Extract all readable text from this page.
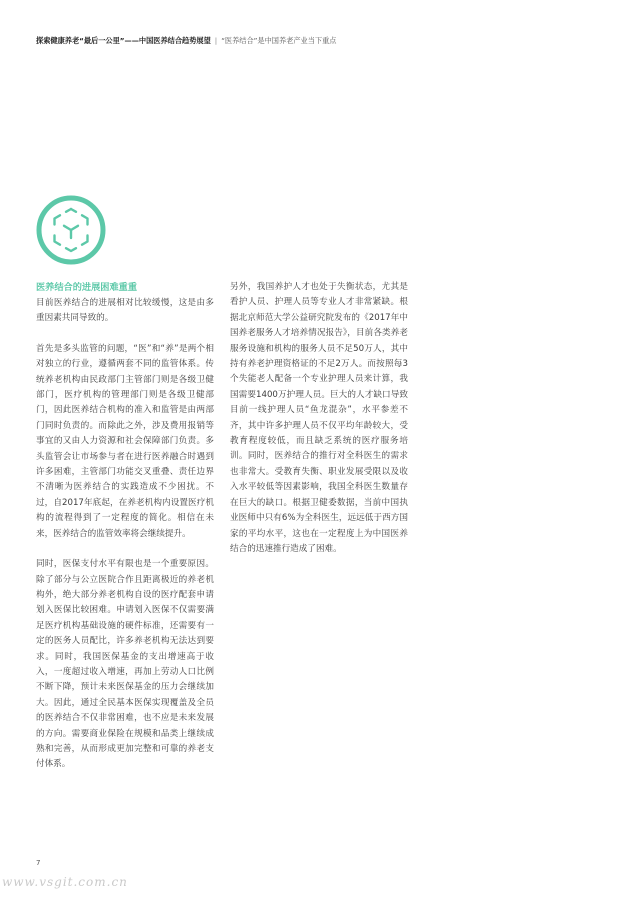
探索健康养老“最后一公里”——中国医养结合趋势展望 | “医养结合”是中国养老产业当下重点
医养结合的进展困难重重

目前医养结合的进展相对比较缓慢，这是由多重因素共同导致的。

首先是多头监管的问题，“医”和“养”是两个相对独立的行业，遵循两套不同的监管体系。传统养老机构由民政部门主管部门则是各级卫健部门，医疗机构的管理部门则是各级卫健部门，因此医养结合机构的准入和监管是由两部门同时负责的。而除此之外，涉及费用报销等事宜的又由人力资源和社会保障部门负责。多头监管会让市场参与者在进行医养融合时遇到许多困难，主管部门功能交叉重叠、责任边界不清晰为医养结合的实践造成不少困扰。不过，自2017年底起，在养老机构内设置医疗机构的流程得到了一定程度的简化。相信在未来，医养结合的监管效率将会继续提升。

同时，医保支付水平有限也是一个重要原因。除了部分与公立医院合作且距离极近的养老机构外，绝大部分养老机构自设的医疗配套申请划入医保比较困难。申请划入医保不仅需要满足医疗机构基础设施的硬件标准，还需要有一定的医务人员配比，许多养老机构无法达到要求。同时，我国医保基金的支出增速高于收入，一度超过收入增速，再加上劳动人口比例不断下降，预计未来医保基金的压力会继续加大。因此，通过全民基本医保实现覆盖及全员的医养结合不仅非常困难，也不应是未来发展的方向。需要商业保险在规模和品类上继续成熟和完善，从而形成更加完整和可靠的养老支付体系。

另外，我国养护人才也处于失衡状态，尤其是看护人员、护理人员等专业人才非常紧缺。根据北京师范大学公益研究院发布的《2017年中国养老服务人才培养情况报告》，目前各类养老服务设施和机构的服务人员不足50万人，其中持有养老护理资格证的不足2万人。而按照每3个失能老人配备一个专业护理人员来计算，我国需要1400万护理人员。巨大的人才缺口导致目前一线护理人员“鱼龙混杂”，水平参差不齐，其中许多护理人员不仅平均年龄较大，受教育程度较低，而且缺乏系统的医疗服务培训。同时，医养结合的推行对全科医生的需求也非常大。受教育失衡、职业发展受限以及收入水平较低等因素影响，我国全科医生数量存在巨大的缺口。根据卫健委数据，当前中国执业医师中只有6%为全科医生，远远低于西方国家的平均水平，这也在一定程度上为中国医养结合的迅速推行造成了困难。

7
www.vsgit.com.cn
